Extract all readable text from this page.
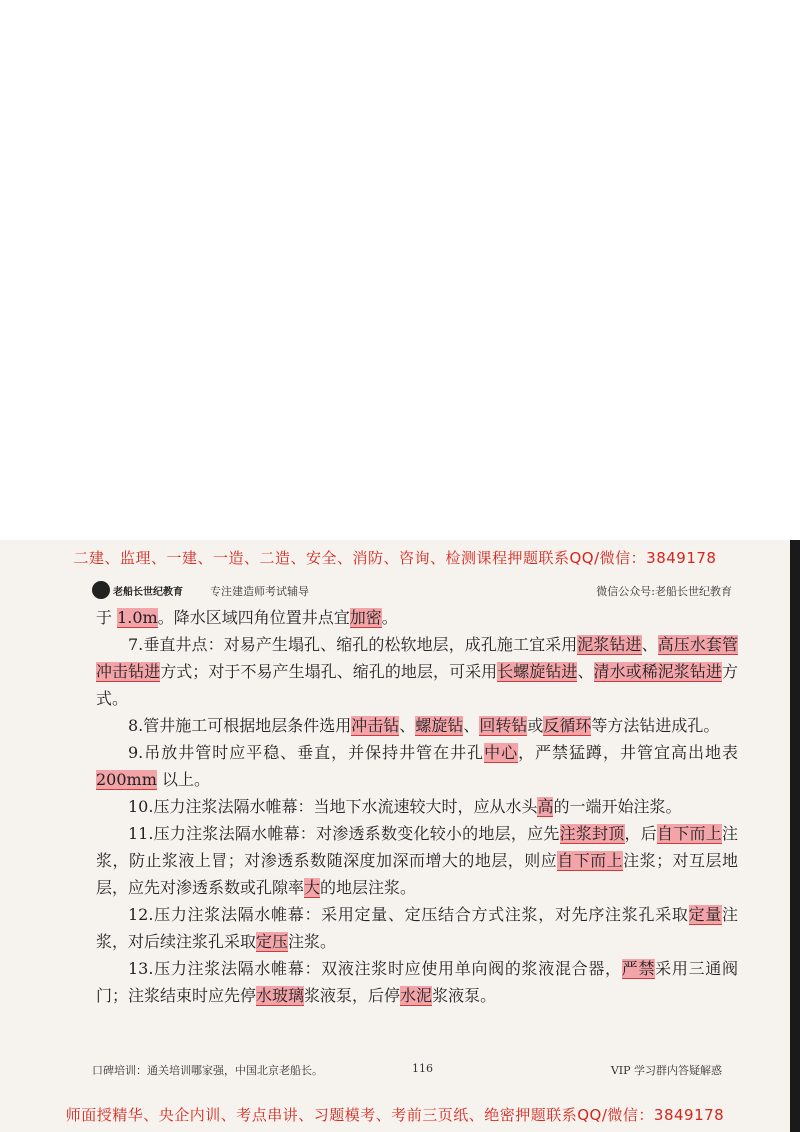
二建、监理、一建、一造、二造、安全、消防、咨询、检测课程押题联系QQ/微信：3849178
老船长世纪教育 专注建造师考试辅导	微信公众号:老船长世纪教育

于 1.0m。降水区域四角位置井点宜加密。

7.垂直井点：对易产生塌孔、缩孔的松软地层，成孔施工宜采用泥浆钻进、高压水套管冲击钻进方式；对于不易产生塌孔、缩孔的地层，可采用长螺旋钻进、清水或稀泥浆钻进方式。

8.管井施工可根据地层条件选用冲击钻、螺旋钻、回转钻或反循环等方法钻进成孔。

9.吊放井管时应平稳、垂直，并保持井管在井孔中心，严禁猛蹲，井管宜高出地表 200mm 以上。

10.压力注浆法隔水帷幕：当地下水流速较大时，应从水头高的一端开始注浆。

11.压力注浆法隔水帷幕：对渗透系数变化较小的地层，应先注浆封顶，后自下而上注浆，防止浆液上冒；对渗透系数随深度加深而增大的地层，则应自下而上注浆；对互层地层，应先对渗透系数或孔隙率大的地层注浆。

12.压力注浆法隔水帷幕：采用定量、定压结合方式注浆，对先序注浆孔采取定量注浆，对后续注浆孔采取定压注浆。

13.压力注浆法隔水帷幕：双液注浆时应使用单向阀的浆液混合器，严禁采用三通阀门；注浆结束时应先停水玻璃浆液泵，后停水泥浆液泵。

口碑培训：通关培训哪家强，中国北京老船长。	116	VIP 学习群内答疑解惑
师面授精华、央企内训、考点串讲、习题模考、考前三页纸、绝密押题联系QQ/微信：3849178
